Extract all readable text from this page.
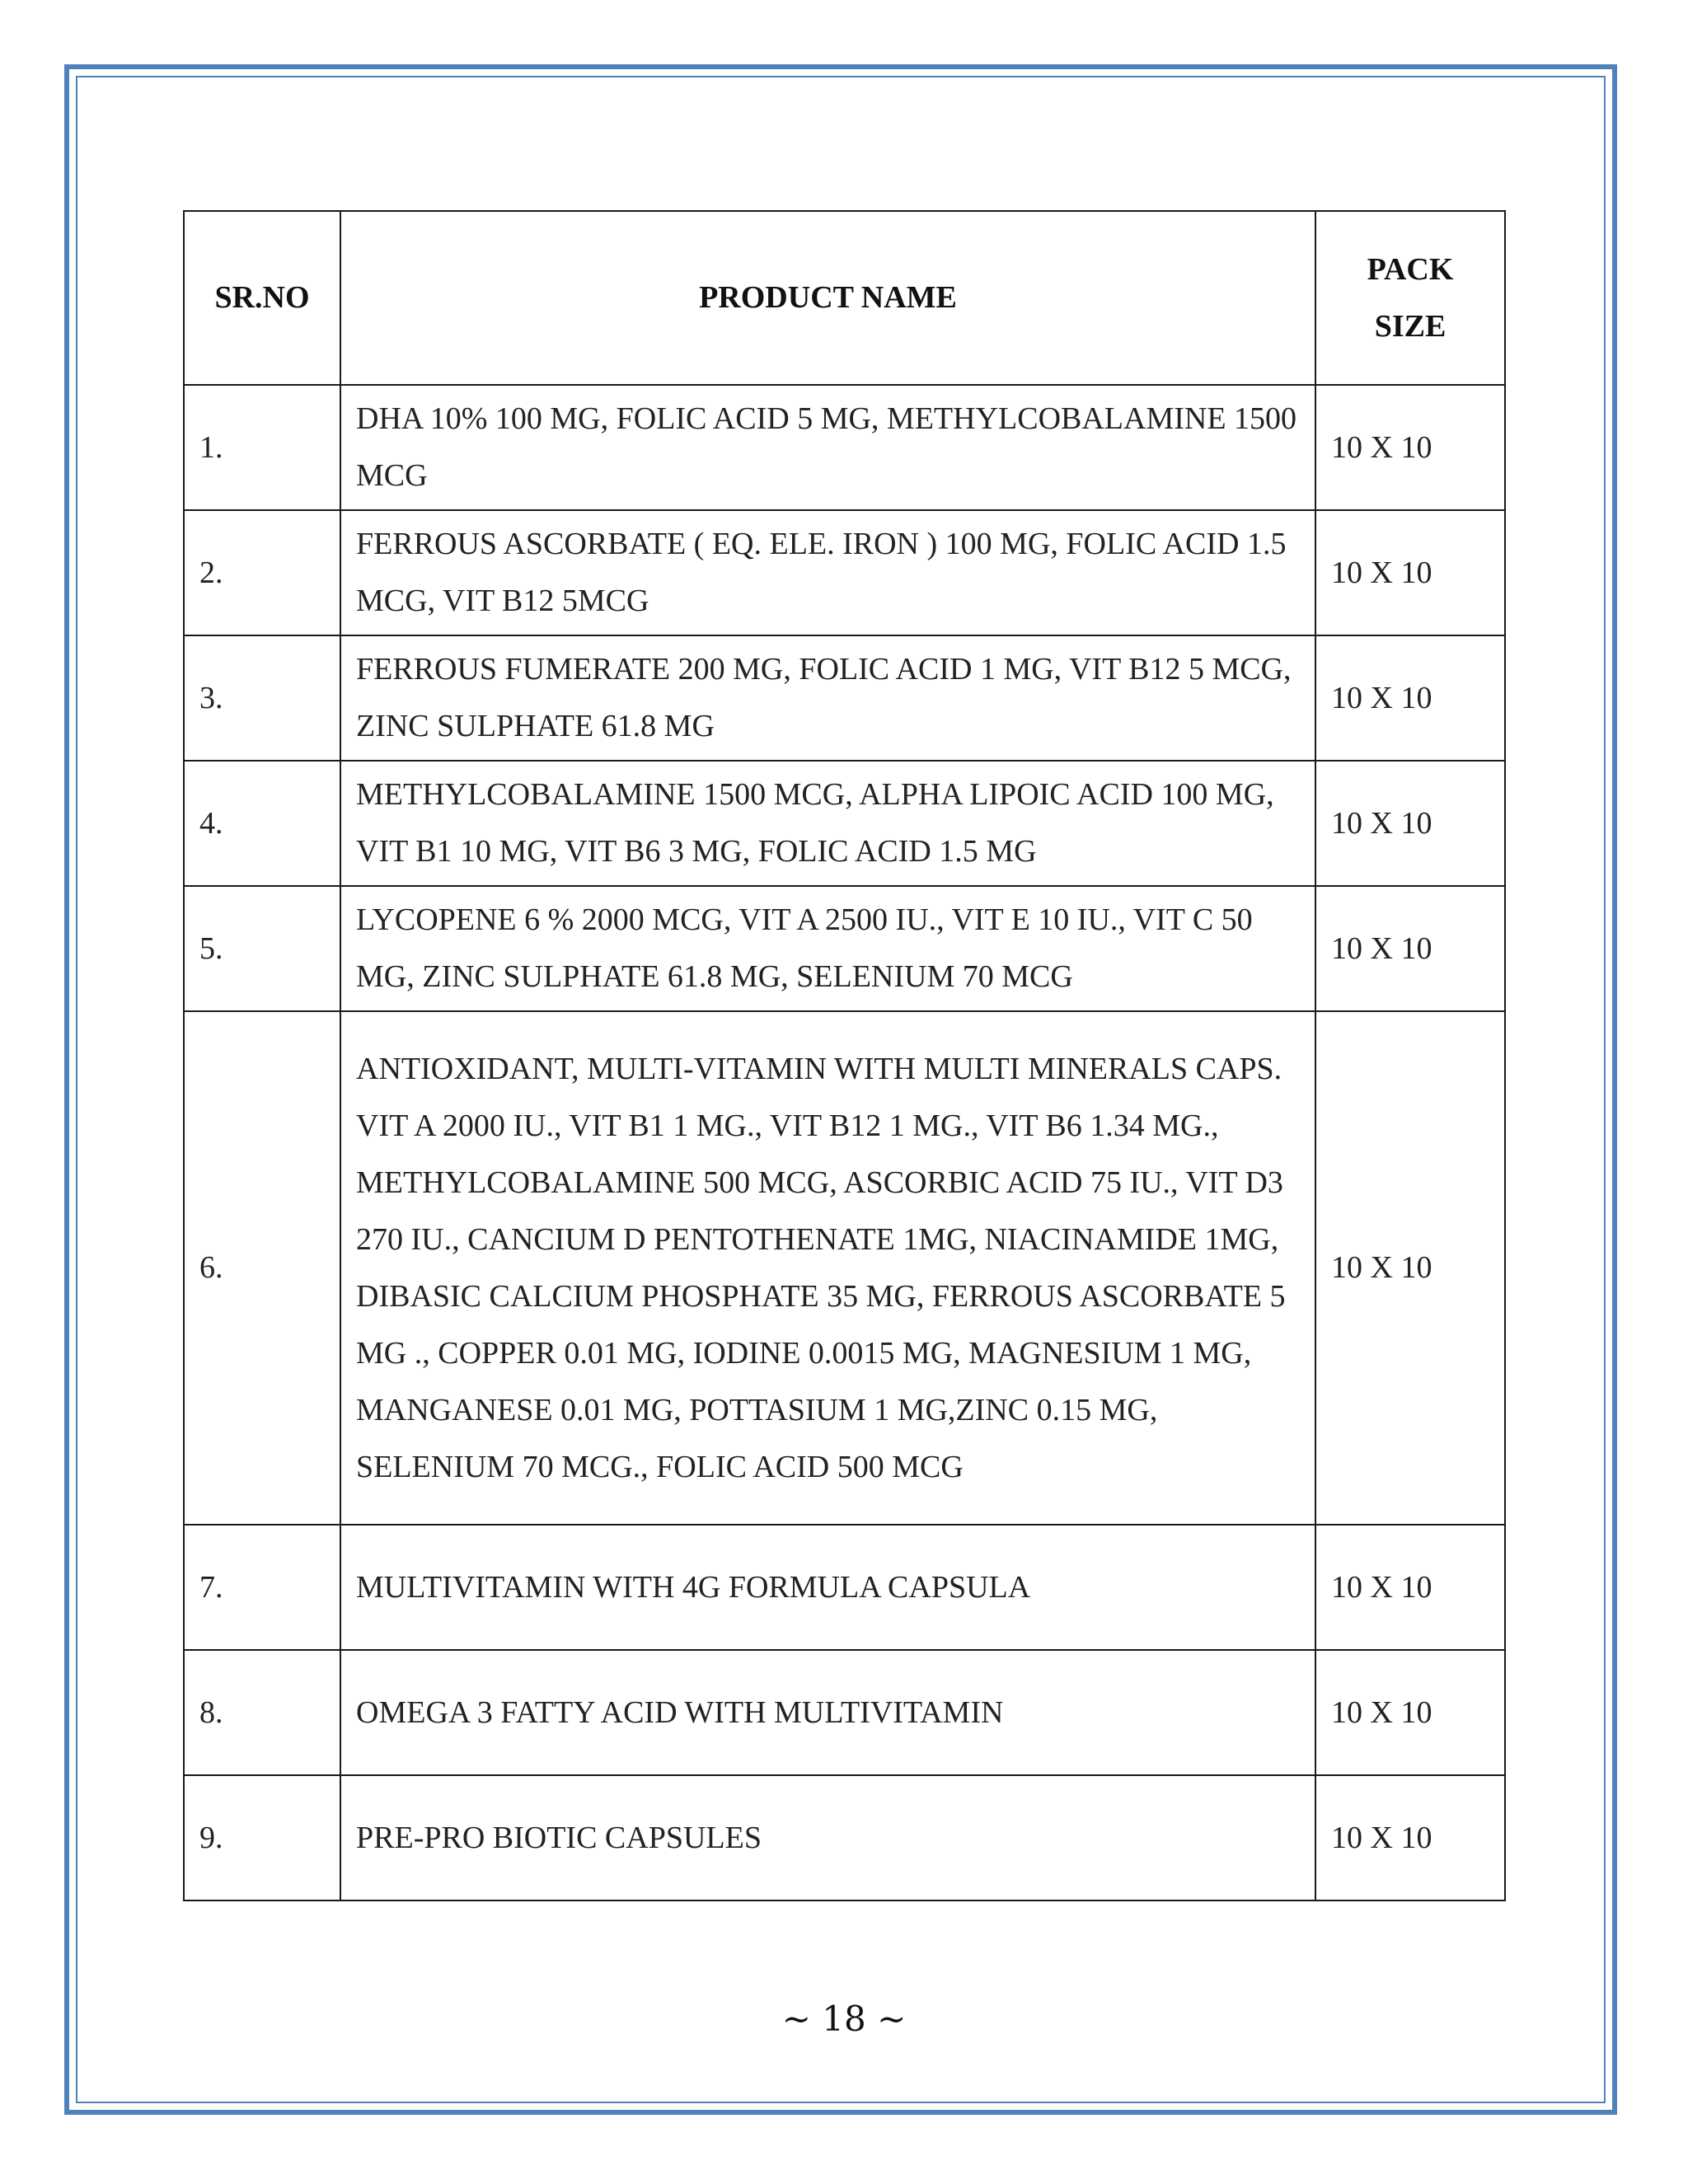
SR.NO	PRODUCT NAME	PACK
SIZE

1.	DHA 10% 100 MG, FOLIC ACID 5 MG, METHYLCOBALAMINE 1500 MCG	10 X 10
2.	FERROUS ASCORBATE ( EQ. ELE. IRON ) 100 MG, FOLIC ACID 1.5 MCG, VIT B12 5MCG	10 X 10
3.	FERROUS FUMERATE 200 MG, FOLIC ACID 1 MG, VIT B12 5 MCG, ZINC SULPHATE 61.8 MG	10 X 10
4.	METHYLCOBALAMINE 1500 MCG, ALPHA LIPOIC ACID 100 MG, VIT B1 10 MG, VIT B6 3 MG, FOLIC ACID 1.5 MG	10 X 10
5.	LYCOPENE 6 % 2000 MCG, VIT A 2500 IU., VIT E 10 IU., VIT C 50 MG, ZINC SULPHATE 61.8 MG, SELENIUM 70 MCG	10 X 10
6.	ANTIOXIDANT, MULTI-VITAMIN WITH MULTI MINERALS CAPS. VIT A 2000 IU., VIT B1 1 MG., VIT B12 1 MG., VIT B6 1.34 MG., METHYLCOBALAMINE 500 MCG, ASCORBIC ACID 75 IU., VIT D3 270 IU., CANCIUM D PENTOTHENATE 1MG, NIACINAMIDE 1MG, DIBASIC CALCIUM PHOSPHATE 35 MG, FERROUS ASCORBATE 5 MG ., COPPER 0.01 MG, IODINE 0.0015 MG, MAGNESIUM 1 MG, MANGANESE 0.01 MG, POTTASIUM 1 MG,ZINC 0.15 MG, SELENIUM 70 MCG., FOLIC ACID 500 MCG	10 X 10
7.	MULTIVITAMIN WITH 4G FORMULA CAPSULA	10 X 10
8.	OMEGA 3 FATTY ACID WITH MULTIVITAMIN	10 X 10
9.	PRE-PRO BIOTIC CAPSULES	10 X 10
~ 18 ~
